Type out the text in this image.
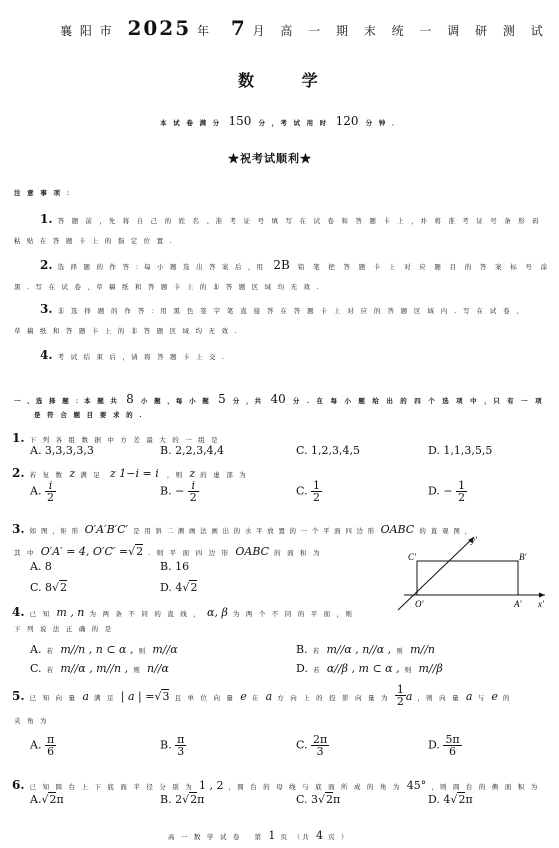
襄 阳 市 2025 年 7 月 高 一 期 末 统 一 调 研 测 试
数 学
本 试 卷 满 分 150 分 ，考 试 用 时 120 分 钟 ．
★祝考试顺利★
注 意 事 项 ：
1. 答 题 前 ，先 将 自 己 的 姓 名 、准 考 证 号 填 写 在 试 卷 和 答 题 卡 上 ，并 将 准 考 证 号 条 形 码
粘 贴 在 答 题 卡 上 的 指 定 位 置 .
2. 选 择 题 的 作 答 ：每 小 题 选 出 答 案 后 ，用 2B 铅 笔 把 答 题 卡 上 对 应 题 目 的 答 案 标 号 涂
黑 . 写 在 试 卷 、草 稿 纸 和 答 题 卡 上 的 非 答 题 区 域 均 无 效 .
3. 非 选 择 题 的 作 答 ：用 黑 色 签 字 笔 直 接 答 在 答 题 卡 上 对 应 的 答 题 区 域 内 . 写 在 试 卷 、
草 稿 纸 和 答 题 卡 上 的 非 答 题 区 域 均 无 效 .
4. 考 试 结 束 后 ，请 将 答 题 卡 上 交 .
一 、选 择 题 ：本 题 共 8 小 题 ，每 小 题 5 分 ，共 40 分 . 在 每 小 题 给 出 的 四 个 选 项 中 ，只 有 一 项
是 符 合 题 目 要 求 的 .
1. 下 列 各 组 数 据 中 方 差 最 大 的 一 组 是
A. 3,3,3,3,3	B. 2,2,3,4,4	C. 1,2,3,4,5	D. 1,1,3,5,5
2. 若 复 数 z 满 足 z 1−i = i ，则 z 的 虚 部 为
A. $\frac{i}{2}$	B. − $\frac{i}{2}$	C. $\frac{1}{2}$	D. − $\frac{1}{2}$
3. 如 图 ，矩 形 O′A′B′C′ 是 用 斜 二 测 画 法 画 出 的 水 平 放 置 的 一 个 平 面 四 边 形 OABC 的 直 观 图 ，
其 中 O′A′ = 4, O′C′ =√2 . 则 平 面 四 边 形 OABC 的 面 积 为
A. 8	B. 16
C. 8√2	D. 4√2
C′	B′
O′	A′ x′
y′
4. 已 知 m , n 为 两 条 不 同 的 直 线 ， α, β 为 两 个 不 同 的 平 面 ，则
下 列 说 法 正 确 的 是
A. 若 m//n , n ⊂ α , 则 m//α	B. 若 m//α , n//α , 则 m//n
C. 若 m//α , m//n , 则 n//α	D. 若 α//β , m ⊂ α , 则 m//β
5. 已 知 向 量 a 满 足 | a | =√3 且 单 位 向 量 e 在 a 方 向 上 的 投 影 向 量 为 $\frac{1}{2}$ a ，则 向 量 a 与 e 的
夹 角 为
A. $\frac{\pi}{6}$	B. $\frac{\pi}{3}$	C. $\frac{2\pi}{3}$	D. $\frac{5\pi}{6}$
6. 已 知 圆 台 上 下 底 面 半 径 分 别 为 1 , 2 ，圆 台 的 母 线 与 底 面 所 成 的 角 为 45° ，则 圆 台 的 侧 面 积 为
A.√2π	B. 2√2π	C. 3√2π	D. 4√2π
高 一 数 学 试 卷 第 1 页 （共 4 页 ）
